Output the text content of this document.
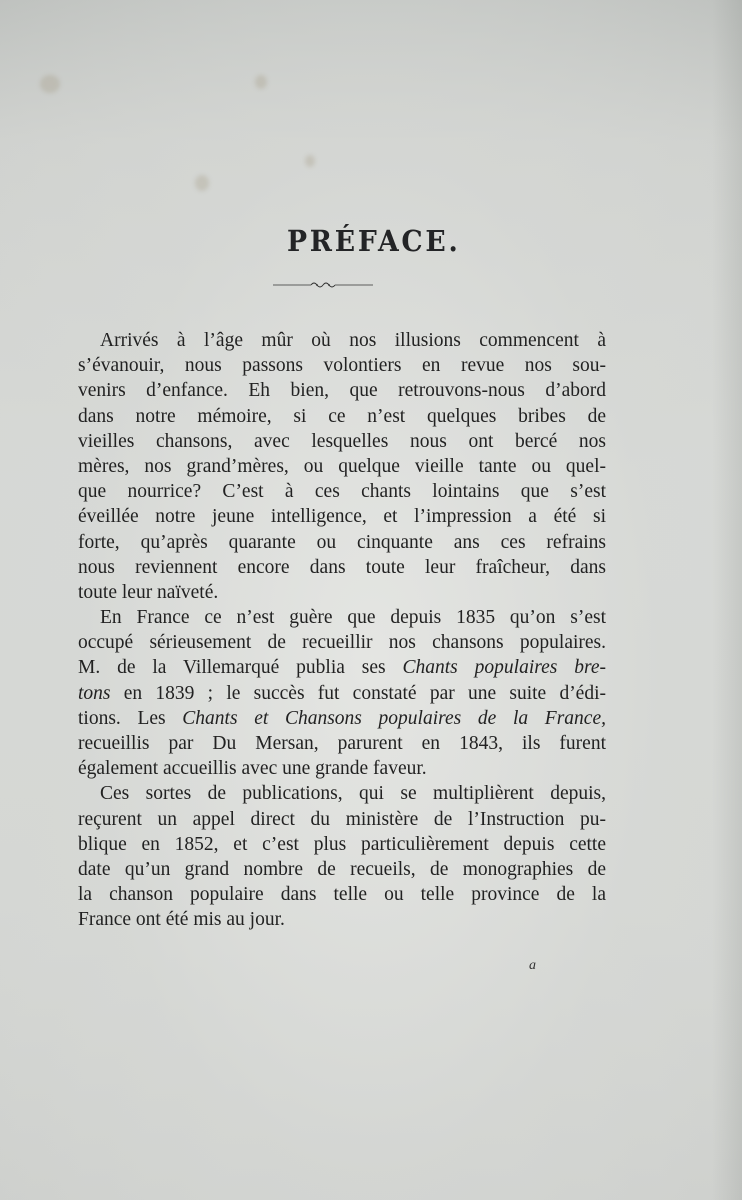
PRÉFACE.
Arrivés à l’âge mûr où nos illusions commencent à
s’évanouir, nous passons volontiers en revue nos sou-
venirs d’enfance. Eh bien, que retrouvons-nous d’abord
dans notre mémoire, si ce n’est quelques bribes de
vieilles chansons, avec lesquelles nous ont bercé nos
mères, nos grand’mères, ou quelque vieille tante ou quel-
que nourrice? C’est à ces chants lointains que s’est
éveillée notre jeune intelligence, et l’impression a été si
forte, qu’après quarante ou cinquante ans ces refrains
nous reviennent encore dans toute leur fraîcheur, dans
toute leur naïveté.
En France ce n’est guère que depuis 1835 qu’on s’est
occupé sérieusement de recueillir nos chansons populaires.
M. de la Villemarqué publia ses Chants populaires bre-
tons en 1839 ; le succès fut constaté par une suite d’édi-
tions. Les Chants et Chansons populaires de la France,
recueillis par Du Mersan, parurent en 1843, ils furent
également accueillis avec une grande faveur.
Ces sortes de publications, qui se multiplièrent depuis,
reçurent un appel direct du ministère de l’Instruction pu-
blique en 1852, et c’est plus particulièrement depuis cette
date qu’un grand nombre de recueils, de monographies de
la chanson populaire dans telle ou telle province de la
France ont été mis au jour.
a
